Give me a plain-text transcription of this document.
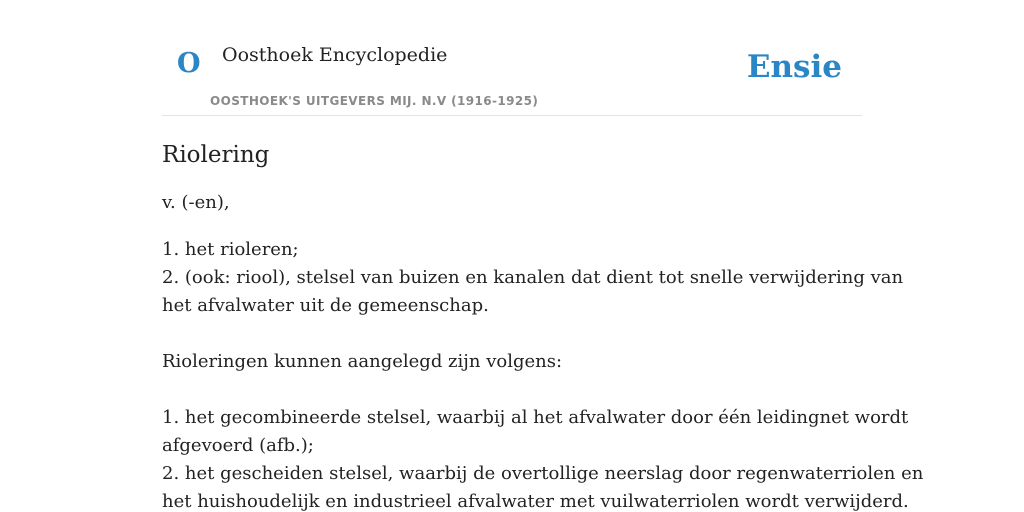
O Oosthoek Encyclopedie
OOSTHOEK'S UITGEVERS MIJ. N.V (1916-1925)
Ensie
Riolering

v. (-en),

1. het rioleren;
2. (ook: riool), stelsel van buizen en kanalen dat dient tot snelle verwijdering van
het afvalwater uit de gemeenschap.
Rioleringen kunnen aangelegd zijn volgens:
1. het gecombineerde stelsel, waarbij al het afvalwater door één leidingnet wordt
afgevoerd (afb.);
2. het gescheiden stelsel, waarbij de overtollige neerslag door regenwaterriolen en
het huishoudelijk en industrieel afvalwater met vuilwaterriolen wordt verwijderd.
